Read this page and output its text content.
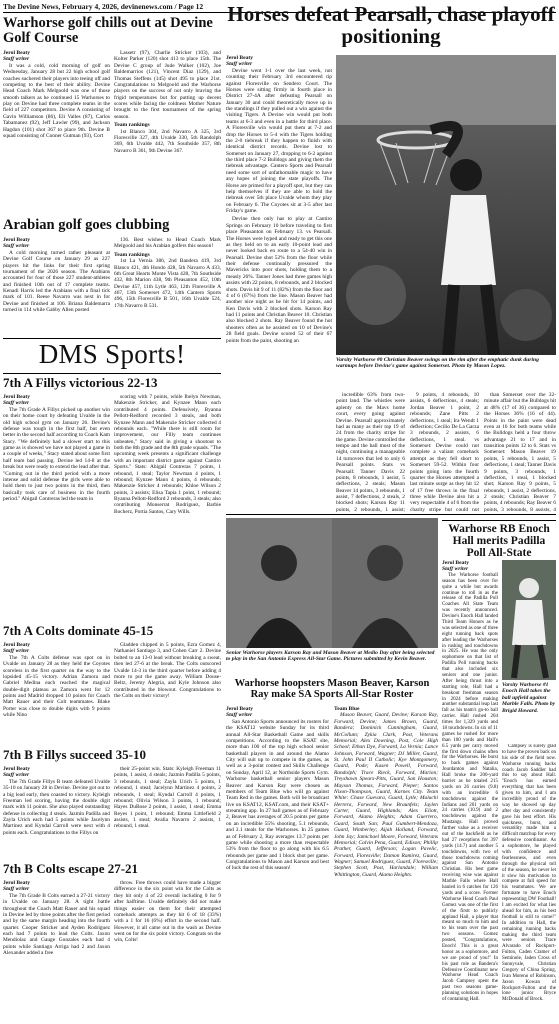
The Devine News, February 4, 2026, devinenews.com / Page 12
Warhorse golf chills out at Devine Golf Course
Jerol Beaty
Staff writer

It was a cold, cold morning of golf on Wednesday, January 28 but 22 high school golf coaches suchered their players into teeing off and competing to the best of their ability. Devine Head Coach Mark Melgoold was one of those smooth talkers as he continued 15 Warhorses to play on Devine had three complete teams in the field of 227 competitors. Devine A consisting of Gavin Williamson (86), Eli Valles (87), Carlos Tabamanez (92), Jeff Lawler (99), and Jackson Hagdon (101) shot 367 to place 9th. Devine B squad consisting of Conner Gutman (93), Cort

Lassetr (97), Charlie Stricker (103), and Kolter Parker (120) shot 413 to place 15th. The Devine C group of Jude Walker (102), Joe Baldemarrios (121), Vincent Diaz (129), and Thomas Steffens (145) shot 495 to place 21st. Congratulations to Melgoold and the Warhorse players on the success of not only braving the frigid temperatures but for putting up decent scores while facing the coldness Mother Nature brought to the first tournament of the spring season.

Team rankings

1st Blanco 304, 2nd Navarro A 325, 3rd Floresville 327, 4th Uvalde 330, 5th Randolph 369, 6th Uvalde 442, 7th Southside 357, 8th Navarro B 361, 9th Devine 367.

Arabian golf goes clubbing
Jerol Beaty
Staff writer

A cold morning turned rather pleasant at Devine Golf Course on January 29 as 227 players hit the links for their first spring tournament of the 2026 season. The Arabians accounted for four of those 227 student-athletes and finished 10th out of 17 complete teams. Kenadi Harris led the Arabians with a final tick mark of 101. Reese Navarro was next in for Devine and finished at 106. Briana Baldemarra turned in 114 while Gabby Allen posted

136. Best wishes to Head Coach Mark Melgoold and his Arabian golfers this season!

Team rankings

1st La Vernia 386, 2nd Bandera 419, 3rd Blanco 421, 4th Hondo 428, 5th Navarro A 433, 6th Great Hearts Monte Vista 428, 7th Southside 432, 8th Marion 438, 9th Pleasanton 452, 10th Devine 457, 11th Lytle 463, 12th Floresville A 467, 13th Somerset 472, 14th Cantero Sports 496, 15th Floresville B 501, 16th Uvalde 524, 17th Navarro B 531.

DMS Sports!
Horses defeat Pearsall, chase playoff positioning
Jerol Beaty
Staff writer

Devine went 1-1 over the last week, not counting their February 3rd encountered tip against Floresville on Sendero Court. The Horses were sitting firmly in fourth place in District 27-4A after defeating Pearsall on January 30 and could theoretically move up in the standings if they pulled out a win against the visiting Tigers. A Devine win would put both teams at 6-3 and even in a battle for third place. A Floresville win would put them at 7-2 and drop the Horses to 5-4 with the Tigers holding the 2-0 tiebreak if they happen to finish with identical district records. Devine lost to Somerset on January 27, dropping to 6-2 against the third place 7-2 Bulldogs and giving them the tiebreak advantage. Cantero Sports and Pearsall need some sort of unfathomable magic to have any hopes of joining the state playoffs. The Horse are primed for a playoff spot, but they can help themselves if they are able to hold the tiebreak over 5th place Uvalde whom they play on February 6. The Coyotes sit at 3-5 after last Friday's game.

Devine then only has to play at Cantiro Springs on February 10 before traveling to first place Pleasanton on February 13. vs Pearsall. The Horses were hyped and ready to get this one as they held on to an early 10-point lead and never looked back en route to a 54-40 win in Pearsall. Devine shot 52% from the floor while their defense continually pressured the Mavericks into poor shots, holding them to a measly 26%. Tanner Jones had three games high assists with 22 points, 8 rebounds, and 2 blocked shots. Davis hit 9 of 11 (82%) from the floor and 4 of 6 (67%) from the line. Mason Beaver had another nice night as he hit for 14 points, and Ken Davis with 2 blocked shots. Karson Ray had 11 points and Christian Beaver 10. Christian also blocked 2 shots. Ray Beaver found the hot shooters often as he assisted on 10 of Devine's 28 field goals. Devine scored 52 of their 67 points from the paint, shooting an

Varsity Warhorse #0 Christian Beaver swings on the rim after the emphatic dunk during warmups before Devine's game against Somerset. Photo by Mason Lopez.

incredible 63% from two-point land. The whistles were aplenty on the Mavs home court, every going against Devine. Pearsall approximately had as many as their top 19 of 24 from the charity stripe for the game. Devine controlled the tempo and the ball most of the night, continuing a manageable 14 turnovers that led to only 6 Pearsall points. Stats vs Pearsall: Tanner Davis 22 points, 8 rebounds, 1 assist, 5 deflections, 2 steals; Mason Beaver 14 points, 3 rebounds, 1 assist, 7 deflections, 2 steals, 2 blocked shots; Karson Ray 11 points, 2 rebounds, 1 assist;

9 points, 4 rebounds, 10 assists, 6 deflections, 4 steals; Jordan Beaver 1 point, 2 rebounds; Zane Pitts 2 deflections, 1 steal; Ira Wendt 1 deflection; Cecilio De La Garza 3 rebounds, 2 assists, 6 deflections, 1 steal. vs Somerset: Devine could not complete a valiant comeback attempt as they fell short to Somerset 59-52. Within four points going into the fourth quarter the Horses attempted a last minute surge as they hit 12 of 17 free throws in the final three while Devine also hit a very respectable 4 of 6 from the charity stripe but could not

than Somerset over the 32-minute affair but the Bulldogs hit at 48% (17 of 36) compared to the Horses 36% (16 of 44). Points in the paint were dead even at 16 for both teams while the Bulldogs held a four throw advantage 21 to 17 and in transition points 12 to 6. Stats vs Somerset: Mason Beaver 19 points, 5 rebounds, 1 assist, 5 deflections, 1 steal; Tanner Davis 9 points, 3 rebounds, 1 deflection, 1 steal, 1 blocked shot; Karson Ray 9 points, 5 rebounds, 1 assist, 2 deflections, 2 steals; Christian Beaver 7 points, 4 rebounds; Ray Beaver 6 points, 3 rebounds, 8 assists, 4

7th A Fillys victorious 22-13
Jerol Beaty
Staff writer

The 7th Grade A Fillys picked up another win on their home court by defeating Uvalde in the old high school gym on January 26. Devine's defense was tough in the first half, but even better in the second half according to Coach Kam Stacy. "We definitely had a slower start to this game as is showed we have not played a game in a couple of weeks," Stacy stated about some first half team bad passing. Devine led 14-8 at the break but were ready to extend the lead after that. "Coming out in the third period with a more intense and solid defense the girls were able to hold them to just two points in the third, then basically took care of business in the fourth period." Abigail Contreras led the team in

scoring with 7 points, while Ibelyn Newman, Makenzie Stricker, and Kynzee Mann each contributed 4 points. Defensively, Byanna Pellott-Redford recorded 3 steals, and both Kynzee Mann and Makenzie Stricker collected 4 rebounds each. "While there is still room for improvement, our Filly team continues unbeaten," Stacy said in giving a shoutout to both the 8th grade and the 8th grade squads. "The upcoming week presents a significant challenge with an important district game against Cantiro Sports." Stats: Abigail Contreras 7 points, 1 rebound, 1 steal; Taylor Newman 4 points, 1 rebound; Kynzee Mann 4 points, 4 rebounds; Makenzie Stricker 4 rebounds; Khloe Wilson 2 points, 3 assists; Elisa Tapia 1 point, 1 rebound; Byanna Pellott-Redford 2 rebounds, 3 steals; also contributing Monserrat Rodriguez, Barbie Bocherz, Portia Santos, Cary Wills.

7th A Colts dominate 45-15
Jerol Beaty
Staff writer

The 7th A Colts defense was spot on in Uvalde on January 28 as they held the Coyotes scoreless in the first quarter on the way to the lopsided 45-15 victory. Adrian Zamora and Gabriel Medina each reached the magical double-digit plateau as Zamora went for 12 points and Madrid dropped 10 points for Coach Matt Rauer and their Colt teammates. Blake Porter was close to double digits with 9 points while Nino

Gladden chipped in 5 points, Ezra Gomez 4, Nathaniel Santiago 3, and Cohen Carr 2. Devine bolted to an 13-0 lead without breaking a sweat, then led 27-6 at the break. The Colts outscored Uvalde 14-3 in the third quarter before adding 4 more to put the game away. William Douse-Beltz, Jeremy Alegria, and Kyle Johnson also contributed in the blowout. Congratulations to the Colts on their victory!

7th B Fillys succeed 35-10
Jerol Beaty
Staff writer

The 7th Grade Fillys B team defeated Uvalde 35-10 on January 28 in Devine. Devine got out to a big lead early, then coasted to victory. Kyleigh Freeman led scoring, having the double digit mark with 11 points. She also played outstanding defense in collecting 4 steals. Jazmin Padilla and Zayla Urich each had 5 points while Jacelynn Martinez and Kyndal Carroll were next with 4 points each. Congratulations to the Fillys on

their 25-point win. Stats: Kyleigh Freeman 11 points, 1 assist, 4 steals; Jazmin Padilla 5 points, 3 rebounds, 1 steal; Zayla Urich 5 points, 1 rebound, 1 steal; Jacelynn Martinez 4 points, 2 rebounds, 1 steal; Kyndal Carroll 4 points, 1 rebound; Olivia Wilson 3 points, 1 rebound; Hayes DuBose 2 points, 1 assist, 1 steal; Emma Reyes 1 point, 1 rebound; Emma Littlefield 2 assists, 1 steal; Avalia Navarro 2 assists, 1 rebound, 1 steal.

7th B Colts escape 27-21
Jerol Beaty
Staff writer

The 7th Grade B Colts earned a 27-21 victory in Uvalde on January 28. A tight battle throughout the Coach Matt Rauer and his squad in Devine led by three points after the first period and by the same margin heading into the fourth quarter. Cooper Stricker and Ayden Rodriguez each had 7 points to lead the Colts. Jaxon Mendiolaz and Gauge Gonzales each had 4 points while Santiago Arriga had 2 and Jaxon Alexander added a free

throw. Free throws could have made a bigger difference in the six point win for the Colts as they hit only 4 of 22 overall including 0 for 9 after halftime. Uvalde definitely did not make things easier on them for their attempted comeback attempts as they hit 6 of 18 (33%) with a 1 for 16 (6%) effort in the second half. However, it all came out in the wash as Devine went on for the six point victory. Congrats on the win, Colts!

Senior Warhorse players Karson Ray and Mason Beaver at Medio Day after being selected to play in the San Antonio Express All-Star Game. Pictures submitted by Kevin Beaver.
Warhorse hoopsters Mason Beaver, Karson Ray make SA Sports All-Star Roster
Jerol Beaty
Staff writer

San Antonio Sports announced its rosters for the KSAT12 website Sunday for its third annual All-Star Basketball Game and skills competitions. According to the KSAT site, more than 100 of the top high school senior basketball players in and around the Alamo City will suit up to compete in the games, as well as a 3-point contest and Skills Challenge on Sunday, April 12, at Northside Sports Gym. Warhorse basketball senior players Mason Beaver and Karson Ray were chosen as members of Team Blue who will go against Team Red in the games. Both will be broadcast live on KSAT12, KSAT.com, and their KSAT+ streaming app. In 27 ball games as of February 2, Beaver has averages of 20.5 points per game on an incredible 55% shooting, 5.1 rebounds, and 3.1 steals for the Warhorses. In 25 games as of February 2, Ray averages 13.7 points per game while shooting a more than respectable 53% from the floor to go along with his 6.5 rebounds per game and 1 block shot per game. Congratulations to Mason and Karson and best of luck the rest of this season!

Team Blue

Mason Beaver, Guard, Devine; Karson Ray, Forward, Devine; James Brown, Guard, Bandera; Dominick Cunningham, Guard, McCollum; Zykia Clark, Post, Veterans Memorial; Alex Downing, Post, Cole High School; Ethan Dye, Forward, La Vernia; Lance Johnson, Forward, Wagner; DJ Miller, Guard, St. John Paul II Catholic; Kye Montgomery, Guard, Pode; Kasen Powell, Forward, Randolph; Trace Rieck, Forward, Marion; Treyshawn Spears-Pitts, Guard, San Houston; Mayson Thomas, Forward, Pieper; Santos Nixon-Thompson, Guard, Karnes City. Team White: Chase Guevara, Guard, Lytle; Malachi Herrera, Forward, New Braunfels; Jaylen Carter, Guard, Highlands; Alex Eliott, Forward, Alamo Heights; Adam Guerrero, Guard, South San; Paul Gumbert-Mendoza, Guard, Wimberley; Aijah Holland, Forward, John Jay; Jamichael Moore, Forward, Veterans Memorial; Calvin Pena, Guard, Edison; Phillip Prather, Guard, Jefferson; Logan Pavelic, Forward, Floresville; Damon Ramirez, Guard, Wagner; Samuel Rodriguez, Guard, Floresville; Stephen Scott, Post, Harlandale; William Whittington, Guard, Alamo Heights.

Warhorse RB Enoch Hall merits Padilla Poll All-State
Jerol Beaty
Staff writer

The Warhorse football season has been over for quite a while but awards continue to roll in as the release of the Padilla Poll Coaches All State Team was recently announced. Devine's Enoch Hall landed Third Team Honors as he was selected as one of three eight running back spots after leading the Warhorses in rushing and touchdowns in 2025. He was the only sophomore on that list of Padilla Poll running backs that also included six seniors and one junior. After being thrust into a starting role, Hall had a breakout freshman season in 2024 before making another substantial leap last fall as his team's go-to ball carrier. Hall rushed 204 times for 1,329 yards and 18 touchdowns. In six of 11 games he rushed for more than 100 yards and Hall's 6.5 yards per carry moved the first down chains often for the Warhorses. He burst to back games against Jourdanton and Natalia, Hall broke the 200-yard barrier as he totaled 215 yards on 26 carries (9.8) with an incredible 6 touchdowns against the Indians and 261 yards on 24 carries (10.9) and 2 touchdowns against the Mustangs. Hall proved further value as a receiver out of the backfield as he had 27 receptions for 397 yards (14.7) and another 5 touchdowns, with two of those touchdowns coming against San Antonio Christian. His best game receiving wise was against Marble Falls where Hall hauled in 6 catches for 126 yards and a score. Former Warhorse Head Coach Paul Gomez was one of the first of the firstt to publicly applaud Hall, a player that meant so much to him and to his team over the past two seasons. Gomez posted, "Congratulations, Enoch! This is a great honor as a sophomore, and we are proud of you!" In his past role as Bandera's Defensive Coordinator new Warhorse Head Coach Jacob Campsey spent the past two seasons game-planning solutions in hopes of containing Hall.

Varsity Warhorse #1 Enoch Hall takes the ball upfield against Marble Falls. Photo by Brigid Howard.

Campsey is surely glad to have the proven back on his side of the field now. Warhorse running backs coach Jacob Saddler had this to say about Hall. "Enoch has earned everything that has been given to him, and I am incredibly proud of the way he showed up day after day and consistently gave his best effort. His quickness, burst, and versatility made him a difficult matchup for every defensive coordinator. As a sophomore, he played with confidence and fearlessness, and even through the physical toll of the season, he never let it slow his motivation to compete at full speed for his teammates. We are fortunate to have Enoch representing DW Football! I am excited for what lies ahead for him, as his best football is still to come!" In addition to Hall, the remaining running backs making the third team were seniors Trace Alvarado of Rockport-Fulton, Caden Cramer of Seminole, Jaden Cross of Sunnyvale, Christian Gregory of China Spring, Ivan Moreno of Robinson, Jaxon Kowan of Rockport-Fulton and the lone junior Bryce McDonald of Brock.
